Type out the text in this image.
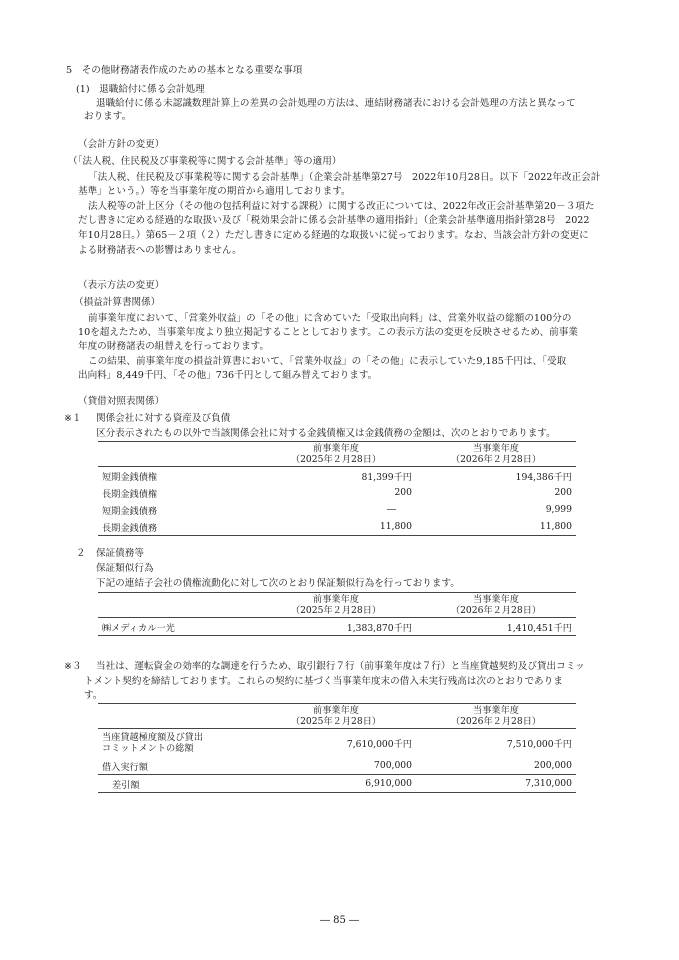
5　その他財務諸表作成のための基本となる重要な事項
(1)　退職給付に係る会計処理
退職給付に係る未認識数理計算上の差異の会計処理の方法は、連結財務諸表における会計処理の方法と異なって
おります。
（会計方針の変更）
（「法人税、住民税及び事業税等に関する会計基準」等の適用）
「法人税、住民税及び事業税等に関する会計基準」（企業会計基準第27号　2022年10月28日。以下「2022年改正会計
基準」という。）等を当事業年度の期首から適用しております。
法人税等の計上区分（その他の包括利益に対する課税）に関する改正については、2022年改正会計基準第20－３項た
だし書きに定める経過的な取扱い及び「税効果会計に係る会計基準の適用指針」（企業会計基準適用指針第28号　2022
年10月28日。）第65－２項（２）ただし書きに定める経過的な取扱いに従っております。なお、当該会計方針の変更に
よる財務諸表への影響はありません。
（表示方法の変更）
（損益計算書関係）
前事業年度において、「営業外収益」の「その他」に含めていた「受取出向料」は、営業外収益の総額の100分の
10を超えたため、当事業年度より独立掲記することとしております。この表示方法の変更を反映させるため、前事業
年度の財務諸表の組替えを行っております。
この結果、前事業年度の損益計算書において、「営業外収益」の「その他」に表示していた9,185千円は、「受取
出向料」8,449千円、「その他」736千円として組み替えております。
（貸借対照表関係）
※１ 関係会社に対する資産及び負債
区分表示されたもの以外で当該関係会社に対する金銭債権又は金銭債務の金額は、次のとおりであります。
	前事業年度
（2025年２月28日）	当事業年度
（2026年２月28日）
短期金銭債権	81,399千円	194,386千円
長期金銭債権	200	200
短期金銭債務	―	9,999
長期金銭債務	11,800	11,800
２ 保証債務等
保証類似行為
下記の連結子会社の債権流動化に対して次のとおり保証類似行為を行っております。
	前事業年度
（2025年２月28日）	当事業年度
（2026年２月28日）
㈱メディカル一光	1,383,870千円	1,410,451千円
※３ 当社は、運転資金の効率的な調達を行うため、取引銀行７行（前事業年度は７行）と当座貸越契約及び貸出コミッ
トメント契約を締結しております。これらの契約に基づく当事業年度末の借入未実行残高は次のとおりでありま
す。
	前事業年度
（2025年２月28日）	当事業年度
（2026年２月28日）
当座貸越極度額及び貸出
コミットメントの総額	7,610,000千円	7,510,000千円
借入実行額	700,000	200,000
差引額	6,910,000	7,310,000
― 85 ―
